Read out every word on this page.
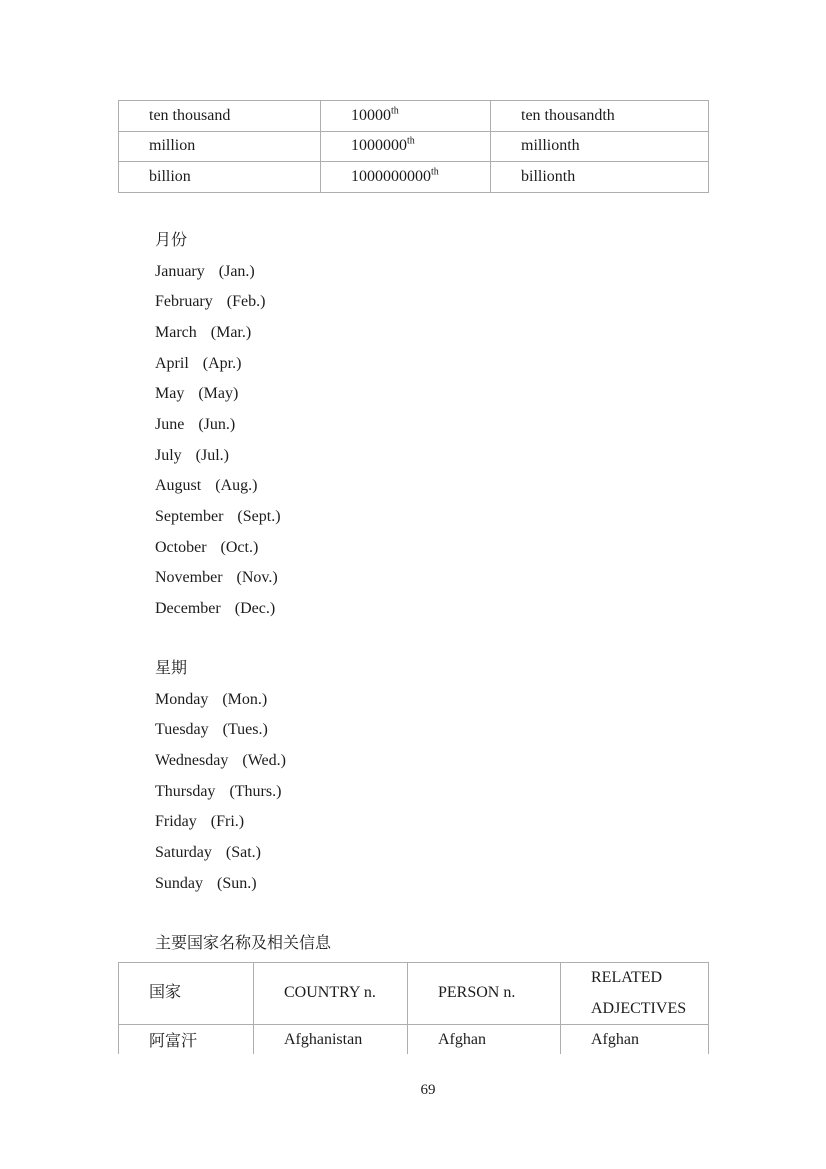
ten thousand	10000th	ten thousandth
million	1000000th	millionth
billion	1000000000th	billionth
月份
January (Jan.)
February (Feb.)
March (Mar.)
April (Apr.)
May (May)
June (Jun.)
July (Jul.)
August (Aug.)
September (Sept.)
October (Oct.)
November (Nov.)
December (Dec.)
星期
Monday (Mon.)
Tuesday (Tues.)
Wednesday (Wed.)
Thursday (Thurs.)
Friday (Fri.)
Saturday (Sat.)
Sunday (Sun.)
主要国家名称及相关信息
国家	COUNTRY n.	PERSON n.	RELATED ADJECTIVES
阿富汗	Afghanistan	Afghan	Afghan
69
